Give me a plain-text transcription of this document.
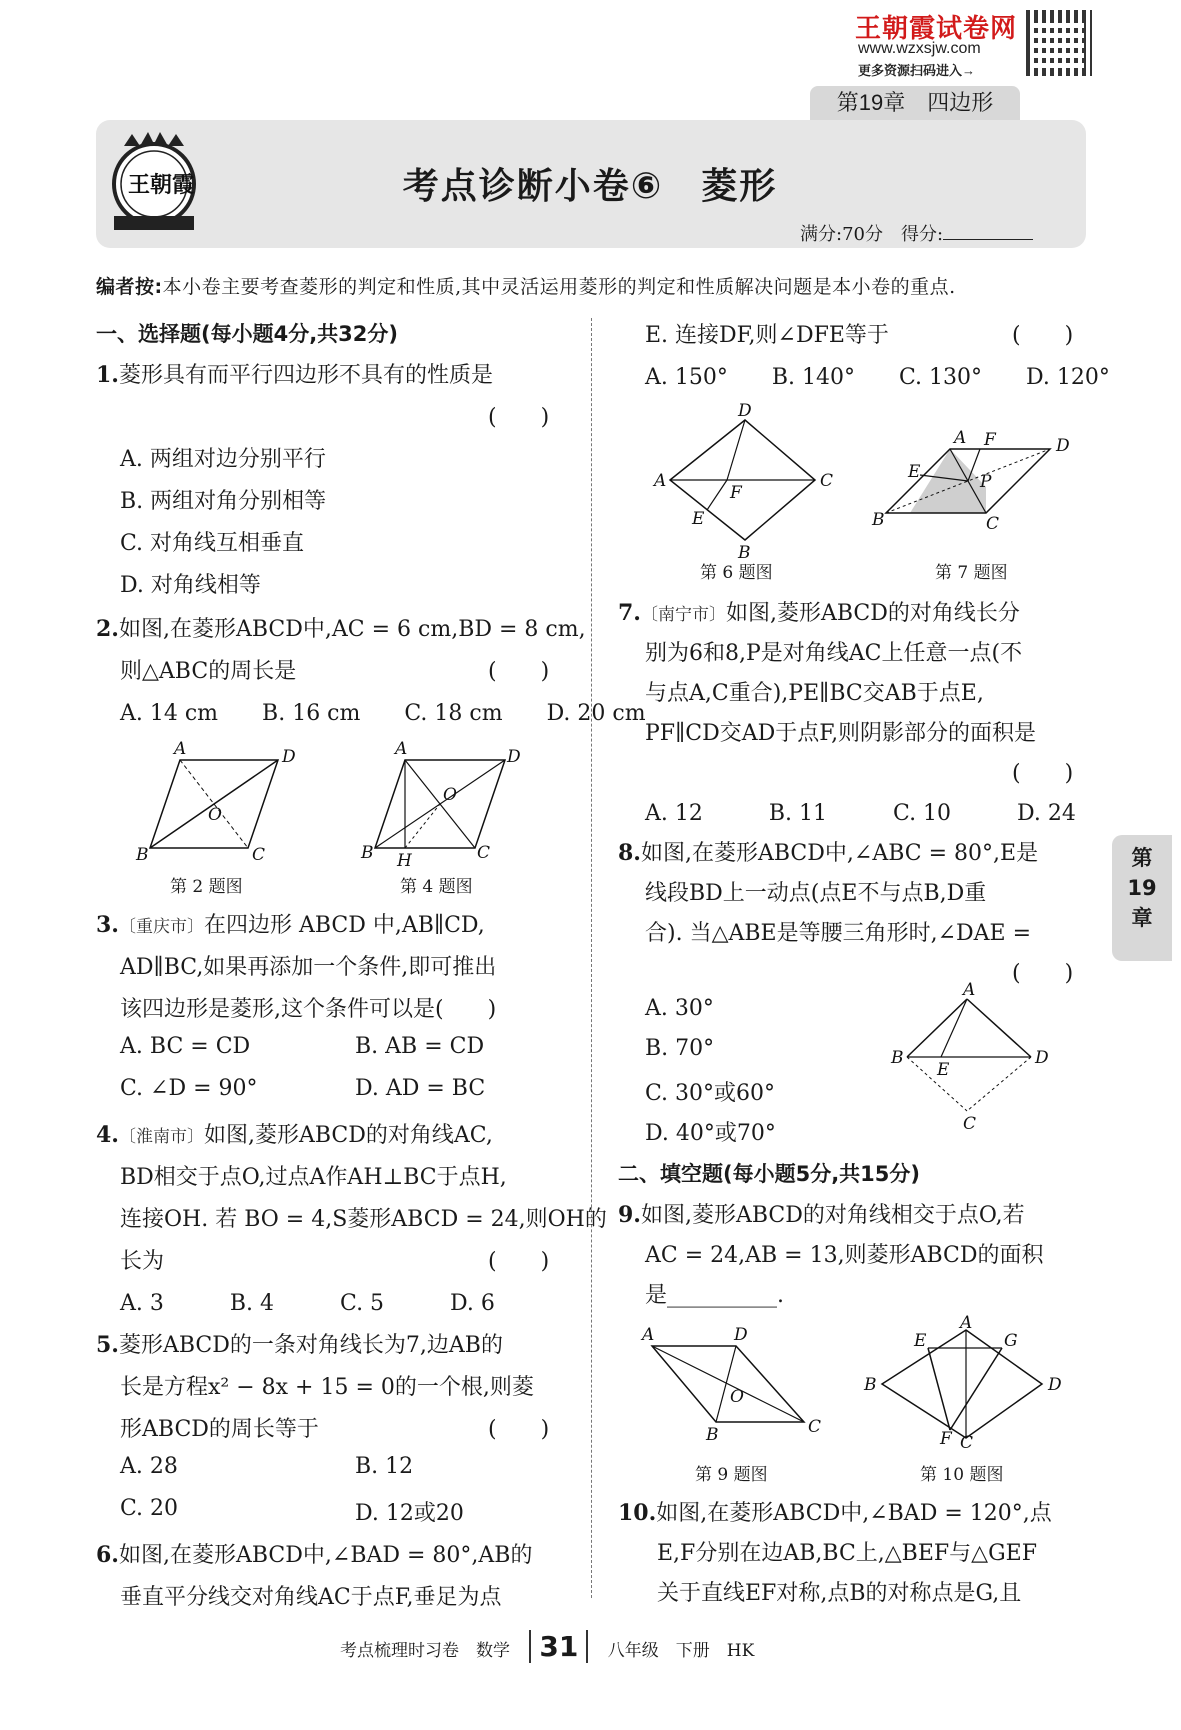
王朝霞试卷网
www.wzxsjw.com
更多资源扫码进入→
第19章　四边形
王朝霞	考点诊断小卷⑥　菱形
满分:70分　得分:
编者按:本小卷主要考查菱形的判定和性质,其中灵活运用菱形的判定和性质解决问题是本小卷的重点.
一、选择题(每小题4分,共32分)
1.菱形具有而平行四边形不具有的性质是
(　　)
A. 两组对边分别平行
B. 两组对角分别相等
C. 对角线互相垂直
D. 对角线相等
2.如图,在菱形ABCD中,AC = 6 cm,BD = 8 cm,
则△ABC的周长是	(　　)
A. 14 cm　　B. 16 cm　　C. 18 cm　　D. 20 cm
A	D
B	C
O
第 2 题图
A	D
B H	C
O
第 4 题图
3.〔重庆市〕在四边形 ABCD 中,AB∥CD,
AD∥BC,如果再添加一个条件,即可推出
该四边形是菱形,这个条件可以是(　　)
A. BC = CD	B. AB = CD
C. ∠D = 90°	D. AD = BC
4.〔淮南市〕如图,菱形ABCD的对角线AC,
BD相交于点O,过点A作AH⊥BC于点H,
连接OH. 若 BO = 4,S菱形ABCD = 24,则OH的
长为	(　　)
A. 3　　　B. 4　　　C. 5　　　D. 6
5.菱形ABCD的一条对角线长为7,边AB的
长是方程x² − 8x + 15 = 0的一个根,则菱
形ABCD的周长等于	(　　)
A. 28	B. 12
C. 20	D. 12或20
6.如图,在菱形ABCD中,∠BAD = 80°,AB的
垂直平分线交对角线AC于点F,垂足为点
E. 连接DF,则∠DFE等于	(　　)
A. 150°　　B. 140°　　C. 130°　　D. 120°
D
A	C
F
E
B
第 6 题图
A F	D
E	P
B	C
第 7 题图
7.〔南宁市〕如图,菱形ABCD的对角线长分
别为6和8,P是对角线AC上任意一点(不
与点A,C重合),PE∥BC交AB于点E,
PF∥CD交AD于点F,则阴影部分的面积是
(　　)
A. 12　　　B. 11　　　C. 10　　　D. 24
8.如图,在菱形ABCD中,∠ABC = 80°,E是
线段BD上一动点(点E不与点B,D重
合). 当△ABE是等腰三角形时,∠DAE =
(　　)
A. 30°
B. 70°
C. 30°或60°
D. 40°或70°
A
B	D
E
C
二、填空题(每小题5分,共15分)
9.如图,菱形ABCD的对角线相交于点O,若
AC = 24,AB = 13,则菱形ABCD的面积
是__________.
A	D
B	C
O
第 9 题图
A
E	G
B	D
F C
第 10 题图
10.如图,在菱形ABCD中,∠BAD = 120°,点
E,F分别在边AB,BC上,△BEF与△GEF
关于直线EF对称,点B的对称点是G,且
第
19
章
考点梳理时习卷　数学 31 八年级　下册　HK
